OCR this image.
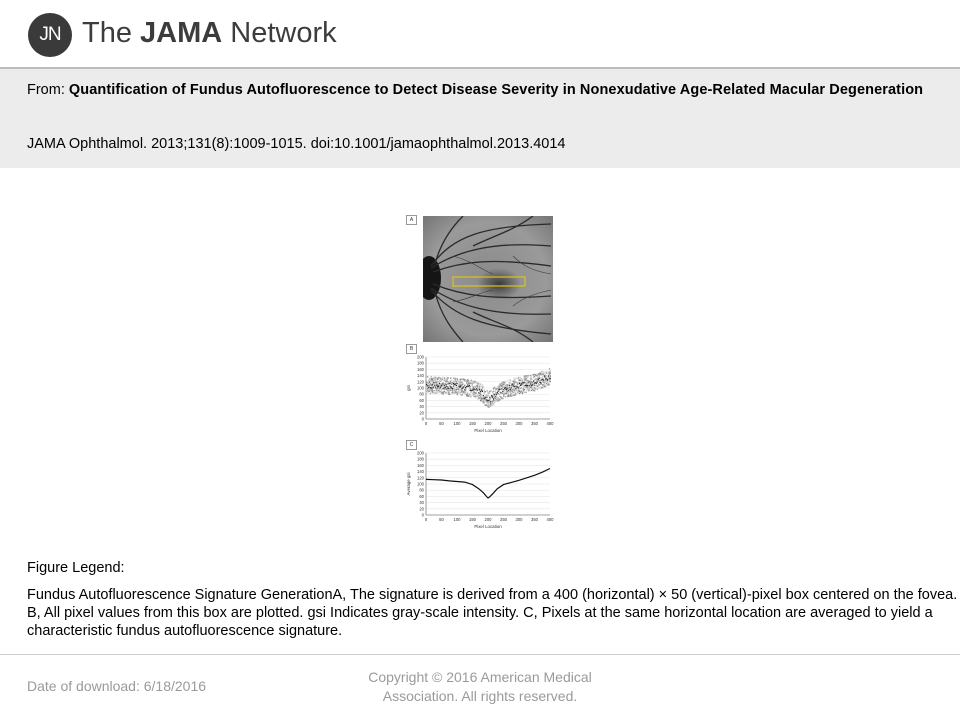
JN The JAMA Network
From: Quantification of Fundus Autofluorescence to Detect Disease Severity in Nonexudative Age-Related Macular Degeneration
JAMA Ophthalmol. 2013;131(8):1009-1015. doi:10.1001/jamaophthalmol.2013.4014
A
B
0
20
40
60
80
100
120
140
160
180
200
0	50 100 150 200 250 300 350 400
Pixel Location
gsi
C
0
20
40
60
80
100
120
140
160
180
200
0	50 100 150 200 250 300 350 400
Pixel Location
Average gsi
Figure Legend:
Fundus Autofluorescence Signature GenerationA, The signature is derived from a 400 (horizontal) × 50 (vertical)-pixel box centered on the fovea. B, All pixel values from this box are plotted. gsi Indicates gray-scale intensity. C, Pixels at the same horizontal location are averaged to yield a characteristic fundus autofluorescence signature.
Date of download: 6/18/2016
Copyright © 2016 American Medical Association. All rights reserved.
